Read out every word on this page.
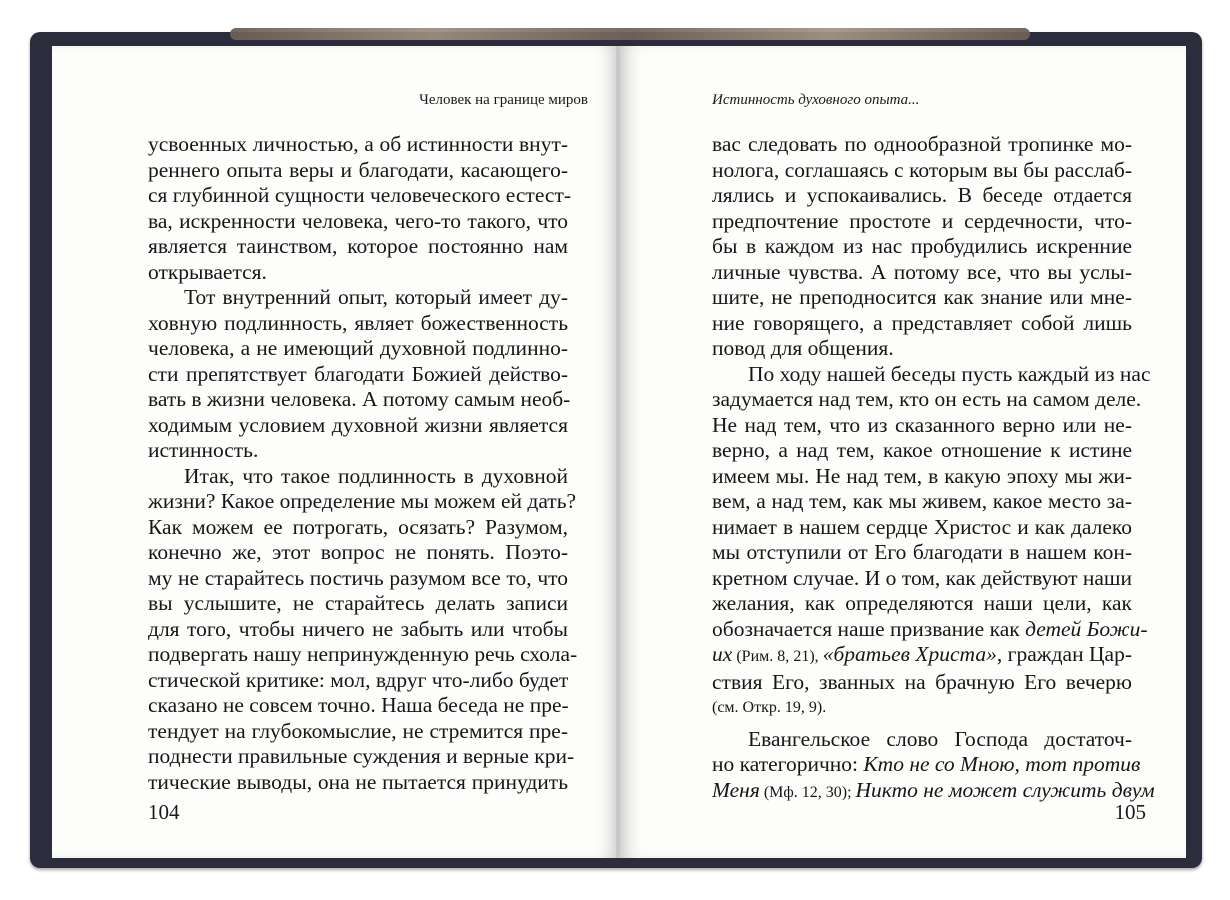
Человек на границе миров
усвоенных личностью, а об истинности внут-
реннего опыта веры и благодати, касающего-
ся глубинной сущности человеческого естест-
ва, искренности человека, чего-то такого, что
является таинством, которое постоянно нам
открывается.
Тот внутренний опыт, который имеет ду-
ховную подлинность, являет божественность
человека, а не имеющий духовной подлинно-
сти препятствует благодати Божией действо-
вать в жизни человека. А потому самым необ-
ходимым условием духовной жизни является
истинность.
Итак, что такое подлинность в духовной
жизни? Какое определение мы можем ей дать?
Как можем ее потрогать, осязать? Разумом,
конечно же, этот вопрос не понять. Поэто-
му не старайтесь постичь разумом все то, что
вы услышите, не старайтесь делать записи
для того, чтобы ничего не забыть или чтобы
подвергать нашу непринужденную речь схола-
стической критике: мол, вдруг что-либо будет
сказано не совсем точно. Наша беседа не пре-
тендует на глубокомыслие, не стремится пре-
поднести правильные суждения и верные кри-
тические выводы, она не пытается принудить
104
Истинность духовного опыта...
вас следовать по однообразной тропинке мо-
нолога, соглашаясь с которым вы бы расслаб-
лялись и успокаивались. В беседе отдается
предпочтение простоте и сердечности, что-
бы в каждом из нас пробудились искренние
личные чувства. А потому все, что вы услы-
шите, не преподносится как знание или мне-
ние говорящего, а представляет собой лишь
повод для общения.
По ходу нашей беседы пусть каждый из нас
задумается над тем, кто он есть на самом деле.
Не над тем, что из сказанного верно или не-
верно, а над тем, какое отношение к истине
имеем мы. Не над тем, в какую эпоху мы жи-
вем, а над тем, как мы живем, какое место за-
нимает в нашем сердце Христос и как далеко
мы отступили от Его благодати в нашем кон-
кретном случае. И о том, как действуют наши
желания, как определяются наши цели, как
обозначается наше призвание как детей Божи-
их (Рим. 8, 21), «братьев Христа», граждан Цар-
ствия Его, званных на брачную Его вечерю
(см. Откр. 19, 9).
Евангельское слово Господа достаточ-
но категорично: Кто не со Мною, тот против
Меня (Мф. 12, 30); Никто не может служить двум
105
